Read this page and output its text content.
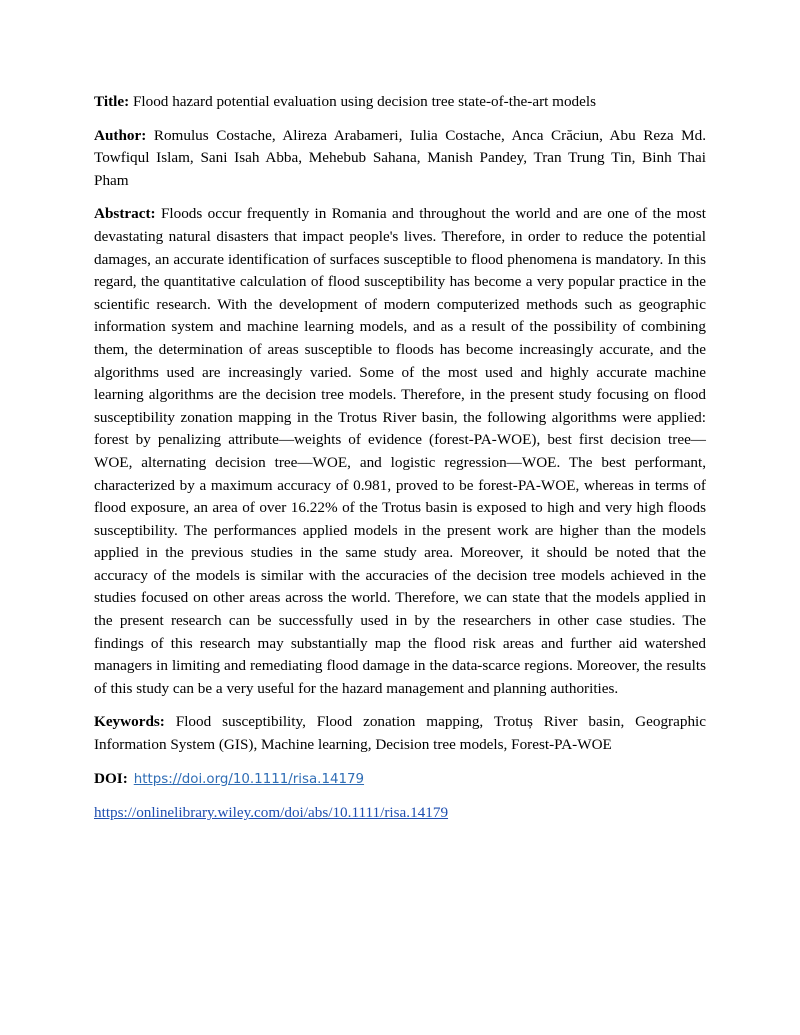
Title: Flood hazard potential evaluation using decision tree state-of-the-art models

Author: Romulus Costache, Alireza Arabameri, Iulia Costache, Anca Crăciun, Abu Reza Md. Towfiqul Islam, Sani Isah Abba, Mehebub Sahana, Manish Pandey, Tran Trung Tin, Binh Thai Pham

Abstract: Floods occur frequently in Romania and throughout the world and are one of the most devastating natural disasters that impact people's lives. Therefore, in order to reduce the potential damages, an accurate identification of surfaces susceptible to flood phenomena is mandatory. In this regard, the quantitative calculation of flood susceptibility has become a very popular practice in the scientific research. With the development of modern computerized methods such as geographic information system and machine learning models, and as a result of the possibility of combining them, the determination of areas susceptible to floods has become increasingly accurate, and the algorithms used are increasingly varied. Some of the most used and highly accurate machine learning algorithms are the decision tree models. Therefore, in the present study focusing on flood susceptibility zonation mapping in the Trotus River basin, the following algorithms were applied: forest by penalizing attribute—weights of evidence (forest-PA-WOE), best first decision tree—WOE, alternating decision tree—WOE, and logistic regression—WOE. The best performant, characterized by a maximum accuracy of 0.981, proved to be forest-PA-WOE, whereas in terms of flood exposure, an area of over 16.22% of the Trotus basin is exposed to high and very high floods susceptibility. The performances applied models in the present work are higher than the models applied in the previous studies in the same study area. Moreover, it should be noted that the accuracy of the models is similar with the accuracies of the decision tree models achieved in the studies focused on other areas across the world. Therefore, we can state that the models applied in the present research can be successfully used in by the researchers in other case studies. The findings of this research may substantially map the flood risk areas and further aid watershed managers in limiting and remediating flood damage in the data-scarce regions. Moreover, the results of this study can be a very useful for the hazard management and planning authorities.

Keywords: Flood susceptibility, Flood zonation mapping, Trotuș River basin, Geographic Information System (GIS), Machine learning, Decision tree models, Forest-PA-WOE

DOI: https://doi.org/10.1111/risa.14179

https://onlinelibrary.wiley.com/doi/abs/10.1111/risa.14179
